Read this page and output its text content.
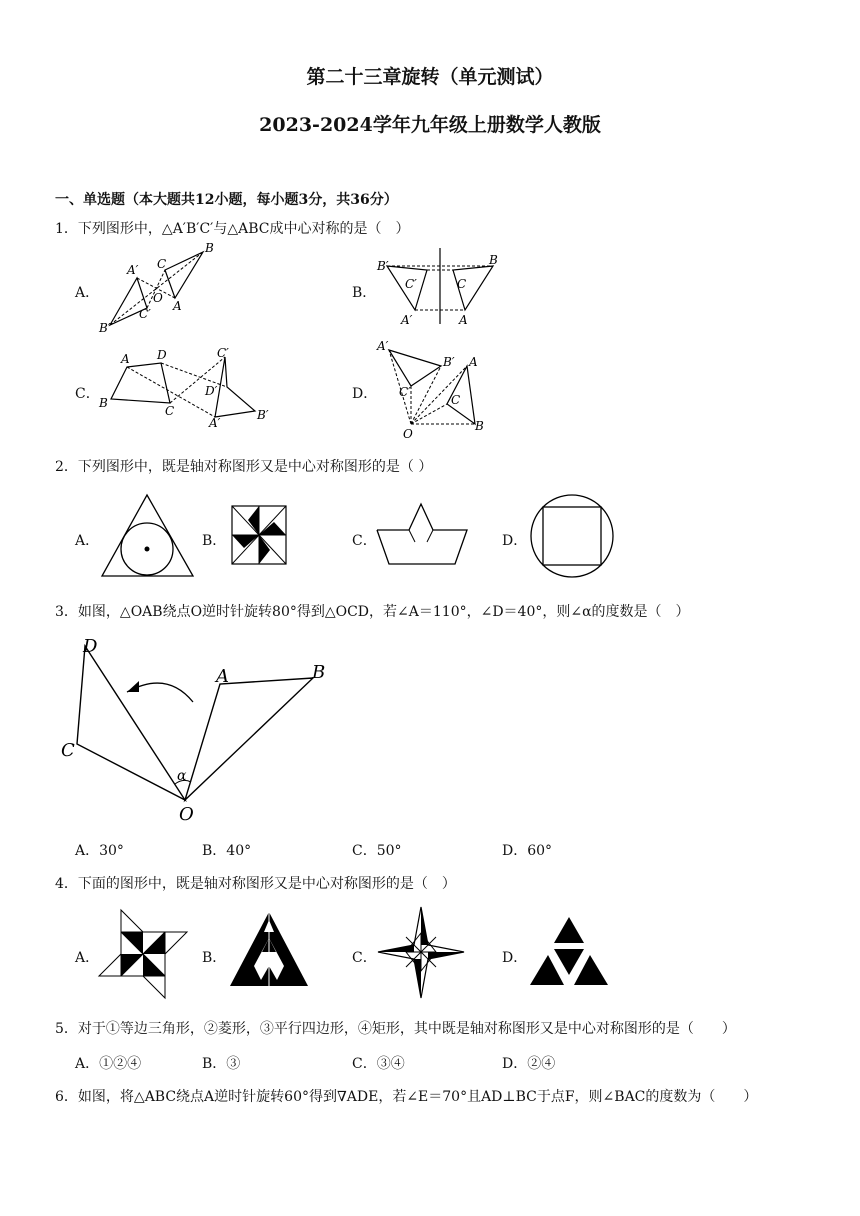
第二十三章旋转（单元测试）
2023-2024学年九年级上册数学人教版
一、单选题（本大题共12小题，每小题3分，共36分）
1．下列图形中，△A′B′C′与△ABC成中心对称的是（　）
A．	B．
C．	D．
A′
B
C
O
C′
A
B′
B′	B
C′	C
A′	A
A D
B
C
C′
D′
A′
B′
A′
B′
C′
A
C
B
O
2．下列图形中，既是轴对称图形又是中心对称图形的是（ ）
A．	B．	C．	D．
3．如图，△OAB绕点O逆时针旋转80°得到△OCD，若∠A＝110°，∠D＝40°，则∠α的度数是（　）
D
A	B
C
α
O
A．30°	B．40°	C．50°	D．60°
4．下面的图形中，既是轴对称图形又是中心对称图形的是（　）
A．	B．	C．	D．
5．对于①等边三角形，②菱形，③平行四边形，④矩形，其中既是轴对称图形又是中心对称图形的是（　　）
A．①②④	B．③	C．③④	D．②④
6．如图，将△ABC绕点A逆时针旋转60°得到∇ADE，若∠E＝70°且AD⊥BC于点F，则∠BAC的度数为（　　）
